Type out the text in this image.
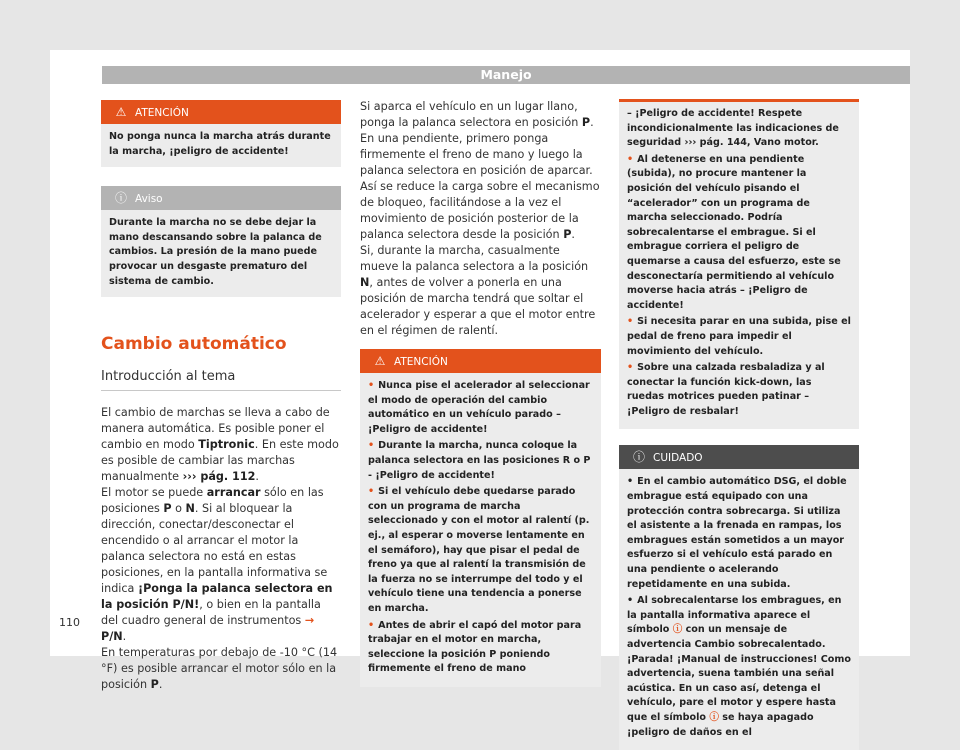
Manejo
⚠ ATENCIÓN

No ponga nunca la marcha atrás durante la marcha, ¡peligro de accidente!

ⓘ Aviso

Durante la marcha no se debe dejar la mano descansando sobre la palanca de cambios. La presión de la mano puede provocar un desgaste prematuro del sistema de cambio.

Cambio automático
Introducción al tema

El cambio de marchas se lleva a cabo de manera automática. Es posible poner el cambio en modo Tiptronic. En este modo es posible de cambiar las marchas manualmente ››› pág. 112.

El motor se puede arrancar sólo en las posiciones P o N. Si al bloquear la dirección, conectar/desconectar el encendido o al arrancar el motor la palanca selectora no está en estas posiciones, en la pantalla informativa se indica ¡Ponga la palanca selectora en la posición P/N!, o bien en la pantalla del cuadro general de instrumentos → P/N.

En temperaturas por debajo de -10 °C (14 °F) es posible arrancar el motor sólo en la posición P.

Si aparca el vehículo en un lugar llano, ponga la palanca selectora en posición P. En una pendiente, primero ponga firmemente el freno de mano y luego la palanca selectora en posición de aparcar. Así se reduce la carga sobre el mecanismo de bloqueo, facilitándose a la vez el movimiento de posición posterior de la palanca selectora desde la posición P.

Si, durante la marcha, casualmente mueve la palanca selectora a la posición N, antes de volver a ponerla en una posición de marcha tendrá que soltar el acelerador y esperar a que el motor entre en el régimen de ralentí.

⚠ ATENCIÓN

• Nunca pise el acelerador al seleccionar el modo de operación del cambio automático en un vehículo parado – ¡Peligro de accidente!

• Durante la marcha, nunca coloque la palanca selectora en las posiciones R o P - ¡Peligro de accidente!

• Si el vehículo debe quedarse parado con un programa de marcha seleccionado y con el motor al ralentí (p. ej., al esperar o moverse lentamente en el semáforo), hay que pisar el pedal de freno ya que al ralentí la transmisión de la fuerza no se interrumpe del todo y el vehículo tiene una tendencia a ponerse en marcha.

• Antes de abrir el capó del motor para trabajar en el motor en marcha, seleccione la posición P poniendo firmemente el freno de mano

– ¡Peligro de accidente! Respete incondicionalmente las indicaciones de seguridad ››› pág. 144, Vano motor.

• Al detenerse en una pendiente (subida), no procure mantener la posición del vehículo pisando el “acelerador” con un programa de marcha seleccionado. Podría sobrecalentarse el embrague. Si el embrague corriera el peligro de quemarse a causa del esfuerzo, este se desconectaría permitiendo al vehículo moverse hacia atrás – ¡Peligro de accidente!

• Si necesita parar en una subida, pise el pedal de freno para impedir el movimiento del vehículo.

• Sobre una calzada resbaladiza y al conectar la función kick-down, las ruedas motrices pueden patinar – ¡Peligro de resbalar!

ⓘ CUIDADO

• En el cambio automático DSG, el doble embrague está equipado con una protección contra sobrecarga. Si utiliza el asistente a la frenada en rampas, los embragues están sometidos a un mayor esfuerzo si el vehículo está parado en una pendiente o acelerando repetidamente en una subida.

• Al sobrecalentarse los embragues, en la pantalla informativa aparece el símbolo ⓘ con un mensaje de advertencia Cambio sobrecalentado. ¡Parada! ¡Manual de instrucciones! Como advertencia, suena también una señal acústica. En un caso así, detenga el vehículo, pare el motor y espere hasta que el símbolo ⓘ se haya apagado ¡peligro de daños en el

110
